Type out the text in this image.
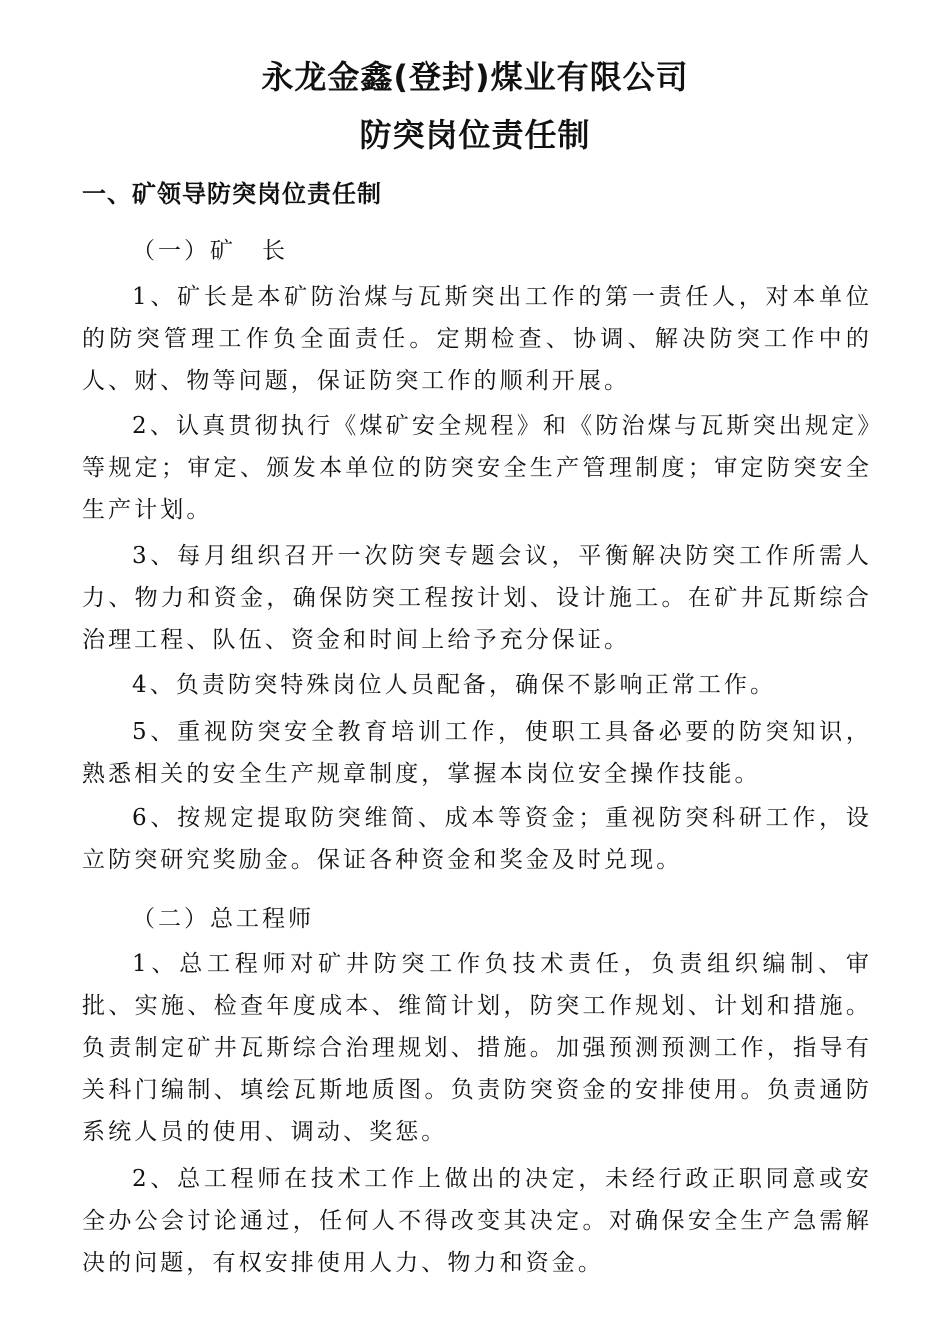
永龙金鑫(登封)煤业有限公司
防突岗位责任制
一、矿领导防突岗位责任制
（一）矿　长

1、矿长是本矿防治煤与瓦斯突出工作的第一责任人，对本单位的防突管理工作负全面责任。定期检查、协调、解决防突工作中的人、财、物等问题，保证防突工作的顺利开展。

2、认真贯彻执行《煤矿安全规程》和《防治煤与瓦斯突出规定》等规定；审定、颁发本单位的防突安全生产管理制度；审定防突安全生产计划。

3、每月组织召开一次防突专题会议，平衡解决防突工作所需人力、物力和资金，确保防突工程按计划、设计施工。在矿井瓦斯综合治理工程、队伍、资金和时间上给予充分保证。

4、负责防突特殊岗位人员配备，确保不影响正常工作。

5、重视防突安全教育培训工作，使职工具备必要的防突知识，熟悉相关的安全生产规章制度，掌握本岗位安全操作技能。

6、按规定提取防突维简、成本等资金；重视防突科研工作，设立防突研究奖励金。保证各种资金和奖金及时兑现。

（二）总工程师

1、总工程师对矿井防突工作负技术责任，负责组织编制、审批、实施、检查年度成本、维简计划，防突工作规划、计划和措施。负责制定矿井瓦斯综合治理规划、措施。加强预测预测工作，指导有关科门编制、填绘瓦斯地质图。负责防突资金的安排使用。负责通防系统人员的使用、调动、奖惩。

2、总工程师在技术工作上做出的决定，未经行政正职同意或安全办公会讨论通过，任何人不得改变其决定。对确保安全生产急需解决的问题，有权安排使用人力、物力和资金。
